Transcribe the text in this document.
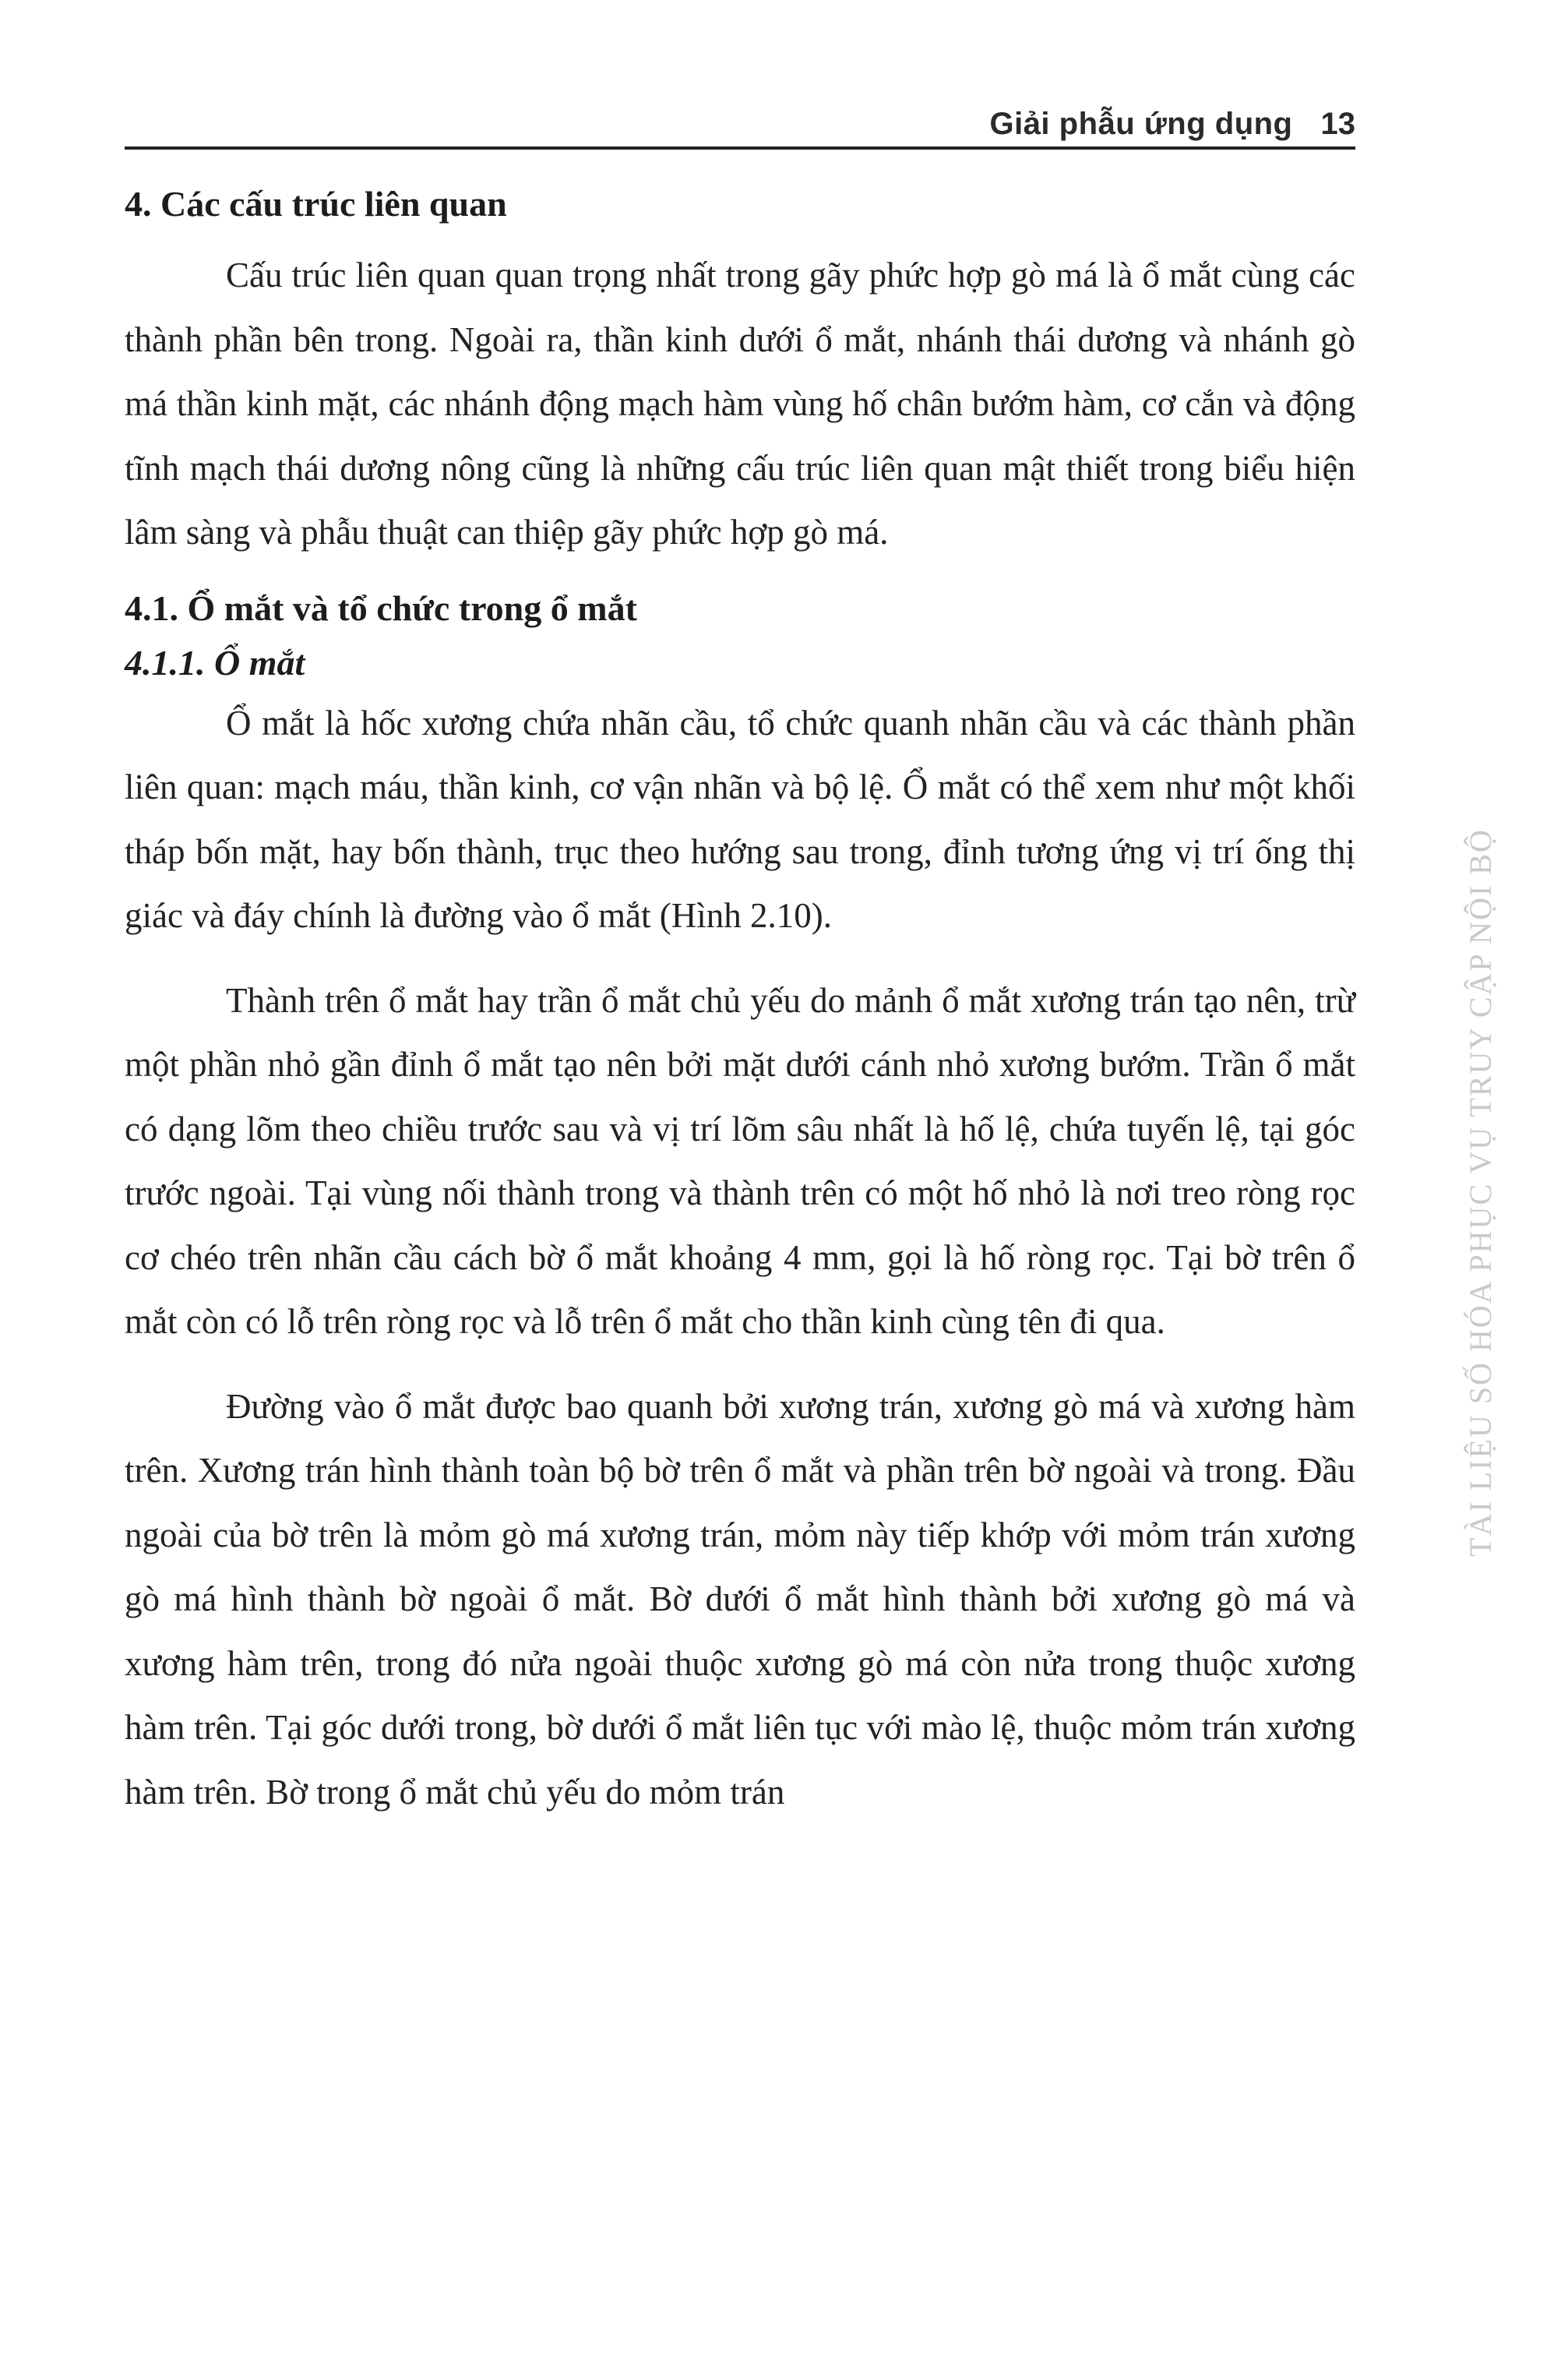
Giải phẫu ứng dụng 13
4. Các cấu trúc liên quan

Cấu trúc liên quan quan trọng nhất trong gãy phức hợp gò má là ổ mắt cùng các thành phần bên trong. Ngoài ra, thần kinh dưới ổ mắt, nhánh thái dương và nhánh gò má thần kinh mặt, các nhánh động mạch hàm vùng hố chân bướm hàm, cơ cắn và động tĩnh mạch thái dương nông cũng là những cấu trúc liên quan mật thiết trong biểu hiện lâm sàng và phẫu thuật can thiệp gãy phức hợp gò má.

4.1. Ổ mắt và tổ chức trong ổ mắt
4.1.1. Ổ mắt

Ổ mắt là hốc xương chứa nhãn cầu, tổ chức quanh nhãn cầu và các thành phần liên quan: mạch máu, thần kinh, cơ vận nhãn và bộ lệ. Ổ mắt có thể xem như một khối tháp bốn mặt, hay bốn thành, trục theo hướng sau trong, đỉnh tương ứng vị trí ống thị giác và đáy chính là đường vào ổ mắt (Hình 2.10).

Thành trên ổ mắt hay trần ổ mắt chủ yếu do mảnh ổ mắt xương trán tạo nên, trừ một phần nhỏ gần đỉnh ổ mắt tạo nên bởi mặt dưới cánh nhỏ xương bướm. Trần ổ mắt có dạng lõm theo chiều trước sau và vị trí lõm sâu nhất là hố lệ, chứa tuyến lệ, tại góc trước ngoài. Tại vùng nối thành trong và thành trên có một hố nhỏ là nơi treo ròng rọc cơ chéo trên nhãn cầu cách bờ ổ mắt khoảng 4 mm, gọi là hố ròng rọc. Tại bờ trên ổ mắt còn có lỗ trên ròng rọc và lỗ trên ổ mắt cho thần kinh cùng tên đi qua.

Đường vào ổ mắt được bao quanh bởi xương trán, xương gò má và xương hàm trên. Xương trán hình thành toàn bộ bờ trên ổ mắt và phần trên bờ ngoài và trong. Đầu ngoài của bờ trên là mỏm gò má xương trán, mỏm này tiếp khớp với mỏm trán xương gò má hình thành bờ ngoài ổ mắt. Bờ dưới ổ mắt hình thành bởi xương gò má và xương hàm trên, trong đó nửa ngoài thuộc xương gò má còn nửa trong thuộc xương hàm trên. Tại góc dưới trong, bờ dưới ổ mắt liên tục với mào lệ, thuộc mỏm trán xương hàm trên. Bờ trong ổ mắt chủ yếu do mỏm trán

TÀI LIỆU SỐ HÓA PHỤC VỤ TRUY CẬP NỘI BỘ
